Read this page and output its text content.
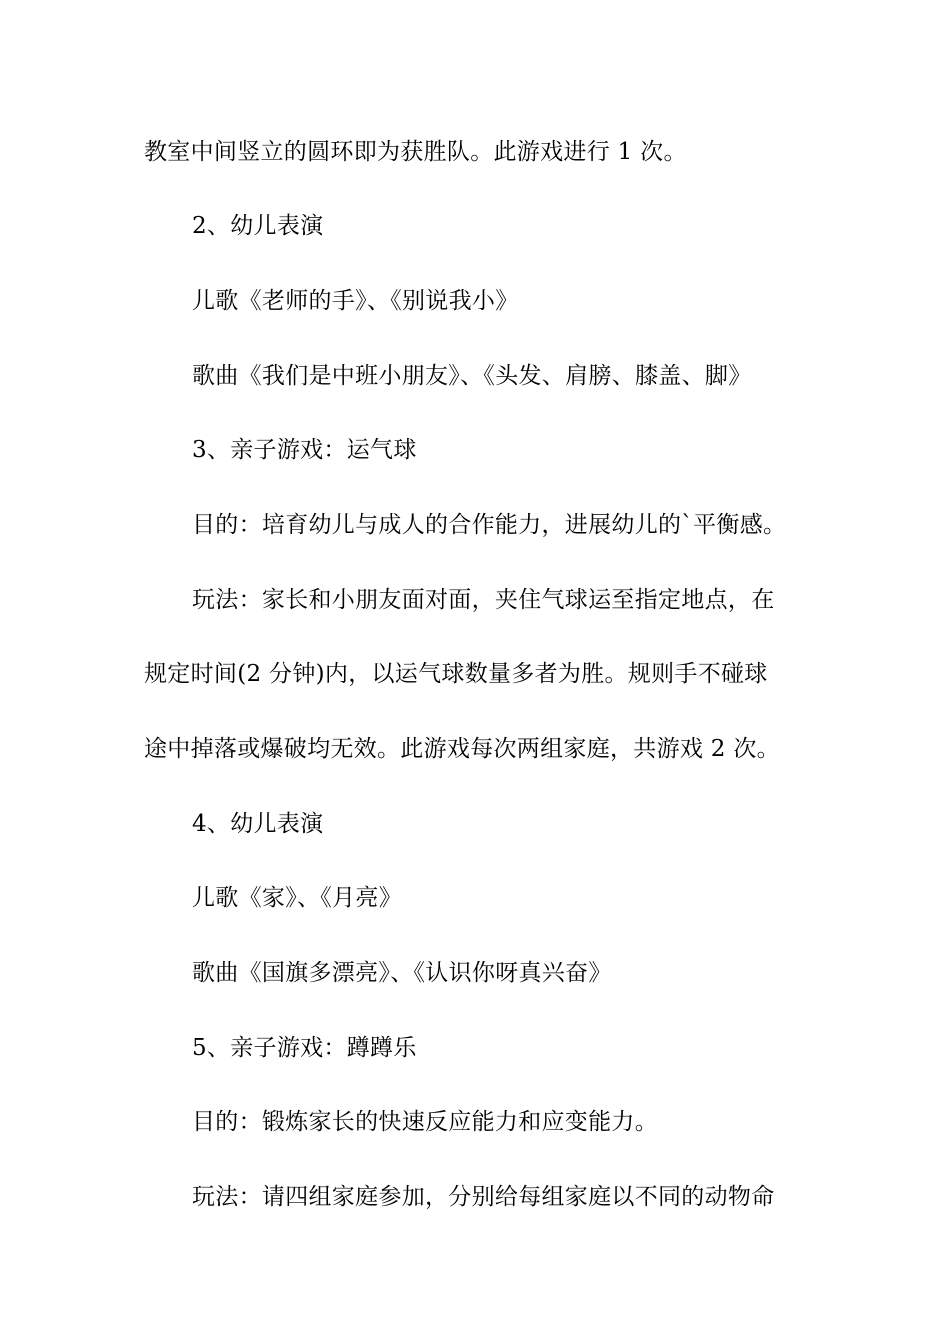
教室中间竖立的圆环即为获胜队。此游戏进行 1 次。
2、幼儿表演
儿歌《老师的手》、《别说我小》
歌曲《我们是中班小朋友》、《头发、肩膀、膝盖、脚》
3、亲子游戏：运气球
目的：培育幼儿与成人的合作能力，进展幼儿的`平衡感。
玩法：家长和小朋友面对面，夹住气球运至指定地点，在
规定时间(2 分钟)内，以运气球数量多者为胜。规则手不碰球
途中掉落或爆破均无效。此游戏每次两组家庭，共游戏 2 次。
4、幼儿表演
儿歌《家》、《月亮》
歌曲《国旗多漂亮》、《认识你呀真兴奋》
5、亲子游戏：蹲蹲乐
目的：锻炼家长的快速反应能力和应变能力。
玩法：请四组家庭参加，分别给每组家庭以不同的动物命
